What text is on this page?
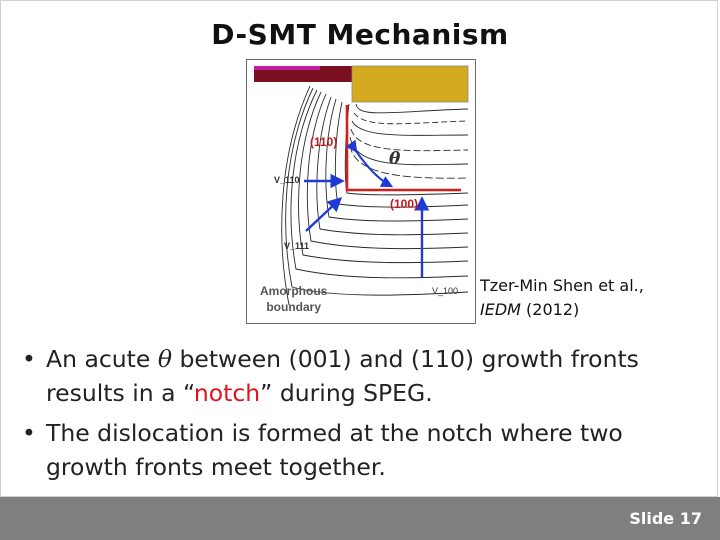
D-SMT Mechanism
(110)
(100)
θ
V_110
V_111
V_100
Amorphous
boundary
Tzer-Min Shen et al.,
IEDM (2012)
• An acute θ between (001) and (110) growth fronts results in a “notch” during SPEG.
• The dislocation is formed at the notch where two growth fronts meet together.
Slide 17
